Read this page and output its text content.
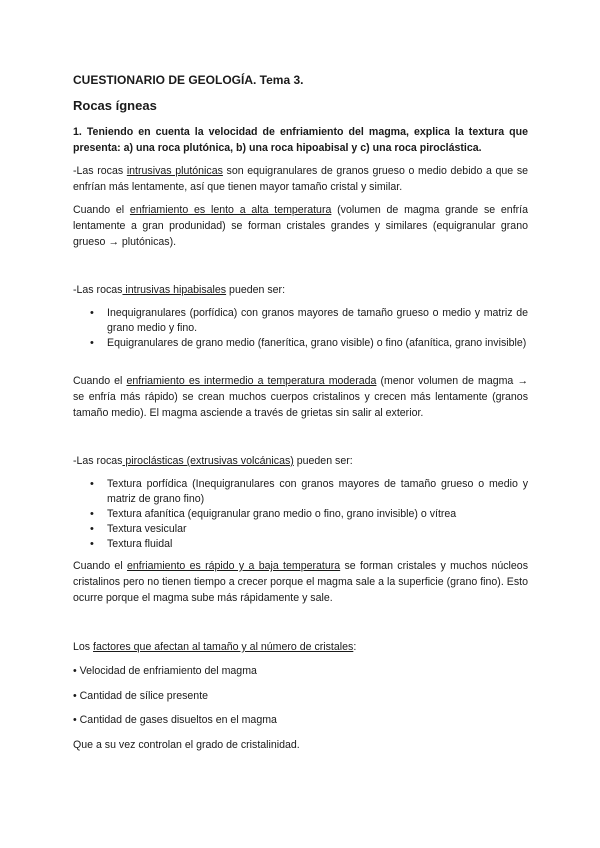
CUESTIONARIO DE GEOLOGÍA. Tema 3.
Rocas ígneas
1. Teniendo en cuenta la velocidad de enfriamiento del magma, explica la textura que presenta: a) una roca plutónica, b) una roca hipoabisal y c) una roca piroclástica.
-Las rocas intrusivas plutónicas son equigranulares de granos grueso o medio debido a que se enfrían más lentamente, así que tienen mayor tamaño cristal y similar.
Cuando el enfriamiento es lento a alta temperatura (volumen de magma grande se enfría lentamente a gran produnidad) se forman cristales grandes y similares (equigranular grano grueso → plutónicas).
-Las rocas intrusivas hipabisales pueden ser:
• Inequigranulares (porfídica) con granos mayores de tamaño grueso o medio y matriz de grano medio y fino.
• Equigranulares de grano medio (fanerítica, grano visible) o fino (afanítica, grano invisible)
Cuando el enfriamiento es intermedio a temperatura moderada (menor volumen de magma → se enfría más rápido) se crean muchos cuerpos cristalinos y crecen más lentamente (granos tamaño medio). El magma asciende a través de grietas sin salir al exterior.
-Las rocas piroclásticas (extrusivas volcánicas) pueden ser:
• Textura porfídica (Inequigranulares con granos mayores de tamaño grueso o medio y matriz de grano fino)
• Textura afanítica (equigranular grano medio o fino, grano invisible) o vítrea
• Textura vesicular
• Textura fluidal
Cuando el enfriamiento es rápido y a baja temperatura se forman cristales y muchos núcleos cristalinos pero no tienen tiempo a crecer porque el magma sale a la superficie (grano fino). Esto ocurre porque el magma sube más rápidamente y sale.
Los factores que afectan al tamaño y al número de cristales:
• Velocidad de enfriamiento del magma
• Cantidad de sílice presente
• Cantidad de gases disueltos en el magma
Que a su vez controlan el grado de cristalinidad.
